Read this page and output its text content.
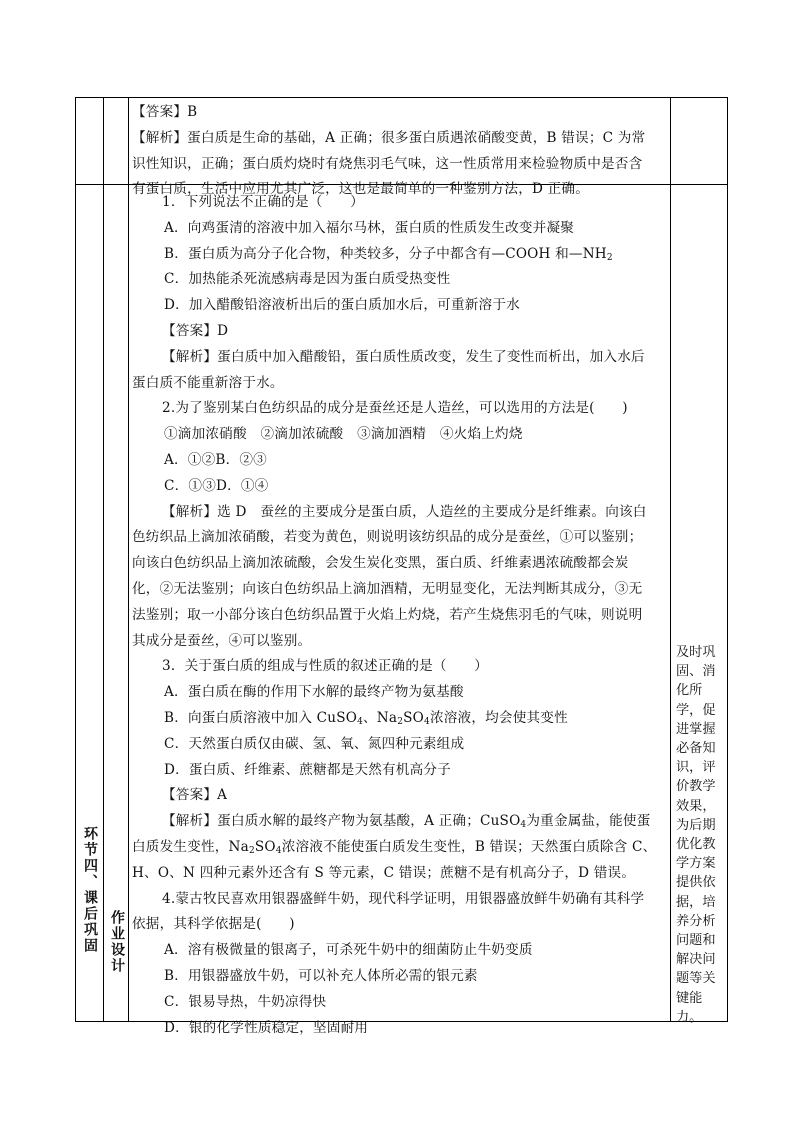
【答案】B

【解析】蛋白质是生命的基础，A 正确；很多蛋白质遇浓硝酸变黄，B 错误；C 为常

识性知识，正确；蛋白质灼烧时有烧焦羽毛气味，这一性质常用来检验物质中是否含

有蛋白质，生活中应用尤其广泛，这也是最简单的一种鉴别方法，D 正确。

环节四、课后巩固 作业设计

1．下列说法不正确的是（　　）

A．向鸡蛋清的溶液中加入福尔马林，蛋白质的性质发生改变并凝聚

B．蛋白质为高分子化合物，种类较多，分子中都含有—COOH 和$—NH_2$

C．加热能杀死流感病毒是因为蛋白质受热变性

D．加入醋酸铅溶液析出后的蛋白质加水后，可重新溶于水

【答案】D

【解析】蛋白质中加入醋酸铅，蛋白质性质改变，发生了变性而析出，加入水后

蛋白质不能重新溶于水。

2.为了鉴别某白色纺织品的成分是蚕丝还是人造丝，可以选用的方法是(　　)

①滴加浓硝酸　②滴加浓硫酸　③滴加酒精　④火焰上灼烧

A．①②B．②③

C．①③D．①④

【解析】选 D　蚕丝的主要成分是蛋白质，人造丝的主要成分是纤维素。向该白

色纺织品上滴加浓硝酸，若变为黄色，则说明该纺织品的成分是蚕丝，①可以鉴别；

向该白色纺织品上滴加浓硫酸，会发生炭化变黑，蛋白质、纤维素遇浓硫酸都会炭

化，②无法鉴别；向该白色纺织品上滴加酒精，无明显变化，无法判断其成分，③无

法鉴别；取一小部分该白色纺织品置于火焰上灼烧，若产生烧焦羽毛的气味，则说明

其成分是蚕丝，④可以鉴别。

3．关于蛋白质的组成与性质的叙述正确的是（　　）

A．蛋白质在酶的作用下水解的最终产物为氨基酸

B．向蛋白质溶液中加入 CuSO$_4$、$Na_2SO_4$浓溶液，均会使其变性

C．天然蛋白质仅由碳、氢、氧、氮四种元素组成

D．蛋白质、纤维素、蔗糖都是天然有机高分子

【答案】A

【解析】蛋白质水解的最终产物为氨基酸，A 正确；CuSO$_4$为重金属盐，能使蛋

白质发生变性，$Na_2SO_4$浓溶液不能使蛋白质发生变性，B 错误；天然蛋白质除含 C、

H、O、N 四种元素外还含有 S 等元素，C 错误；蔗糖不是有机高分子，D 错误。

4.蒙古牧民喜欢用银器盛鲜牛奶，现代科学证明，用银器盛放鲜牛奶确有其科学

依据，其科学依据是(　　)

A．溶有极微量的银离子，可杀死牛奶中的细菌防止牛奶变质

B．用银器盛放牛奶，可以补充人体所必需的银元素

C．银易导热，牛奶凉得快

D．银的化学性质稳定，坚固耐用

及时巩固、消化所学，促进掌握必备知识，评价教学效果，为后期优化教学方案提供依据，培养分析问题和解决问题等关键能力。
